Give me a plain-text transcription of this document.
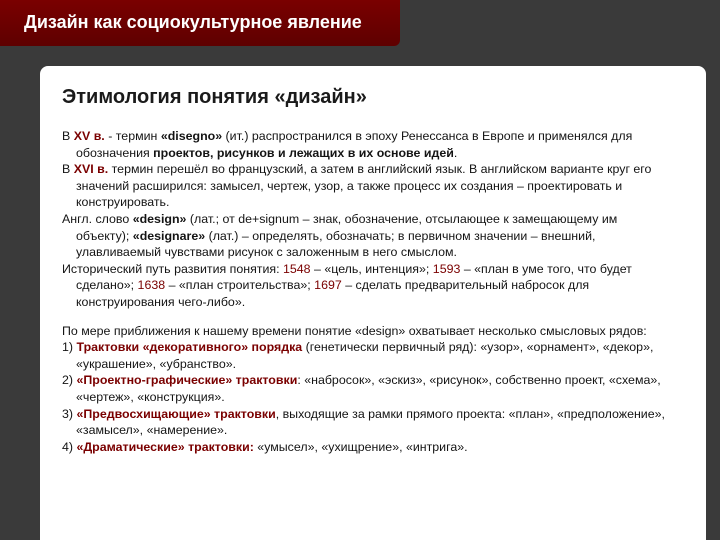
Дизайн как социокультурное явление
Этимология понятия «дизайн»

В XV в. - термин «disegno» (ит.) распространился в эпоху Ренессанса в Европе и применялся для обозначения проектов, рисунков и лежащих в их основе идей.

В XVI в. термин перешёл во французский, а затем в английский язык. В английском варианте круг его значений расширился: замысел, чертеж, узор, а также процесс их создания – проектировать и конструировать.

Англ. слово «design» (лат.; от de+signum – знак, обозначение, отсылающее к замещающему им объекту); «designare» (лат.) – определять, обозначать; в первичном значении – внешний, улавливаемый чувствами рисунок с заложенным в него смыслом.

Исторический путь развития понятия: 1548 – «цель, интенция»; 1593 – «план в уме того, что будет сделано»; 1638 – «план строительства»; 1697 – сделать предварительный набросок для конструирования чего-либо».

По мере приближения к нашему времени понятие «design» охватывает несколько смысловых рядов:

1) Трактовки «декоративного» порядка (генетически первичный ряд): «узор», «орнамент», «декор», «украшение», «убранство».

2) «Проектно-графические» трактовки: «набросок», «эскиз», «рисунок», собственно проект, «схема», «чертеж», «конструкция».

3) «Предвосхищающие» трактовки, выходящие за рамки прямого проекта: «план», «предположение», «замысел», «намерение».

4) «Драматические» трактовки: «умысел», «ухищрение», «интрига».
